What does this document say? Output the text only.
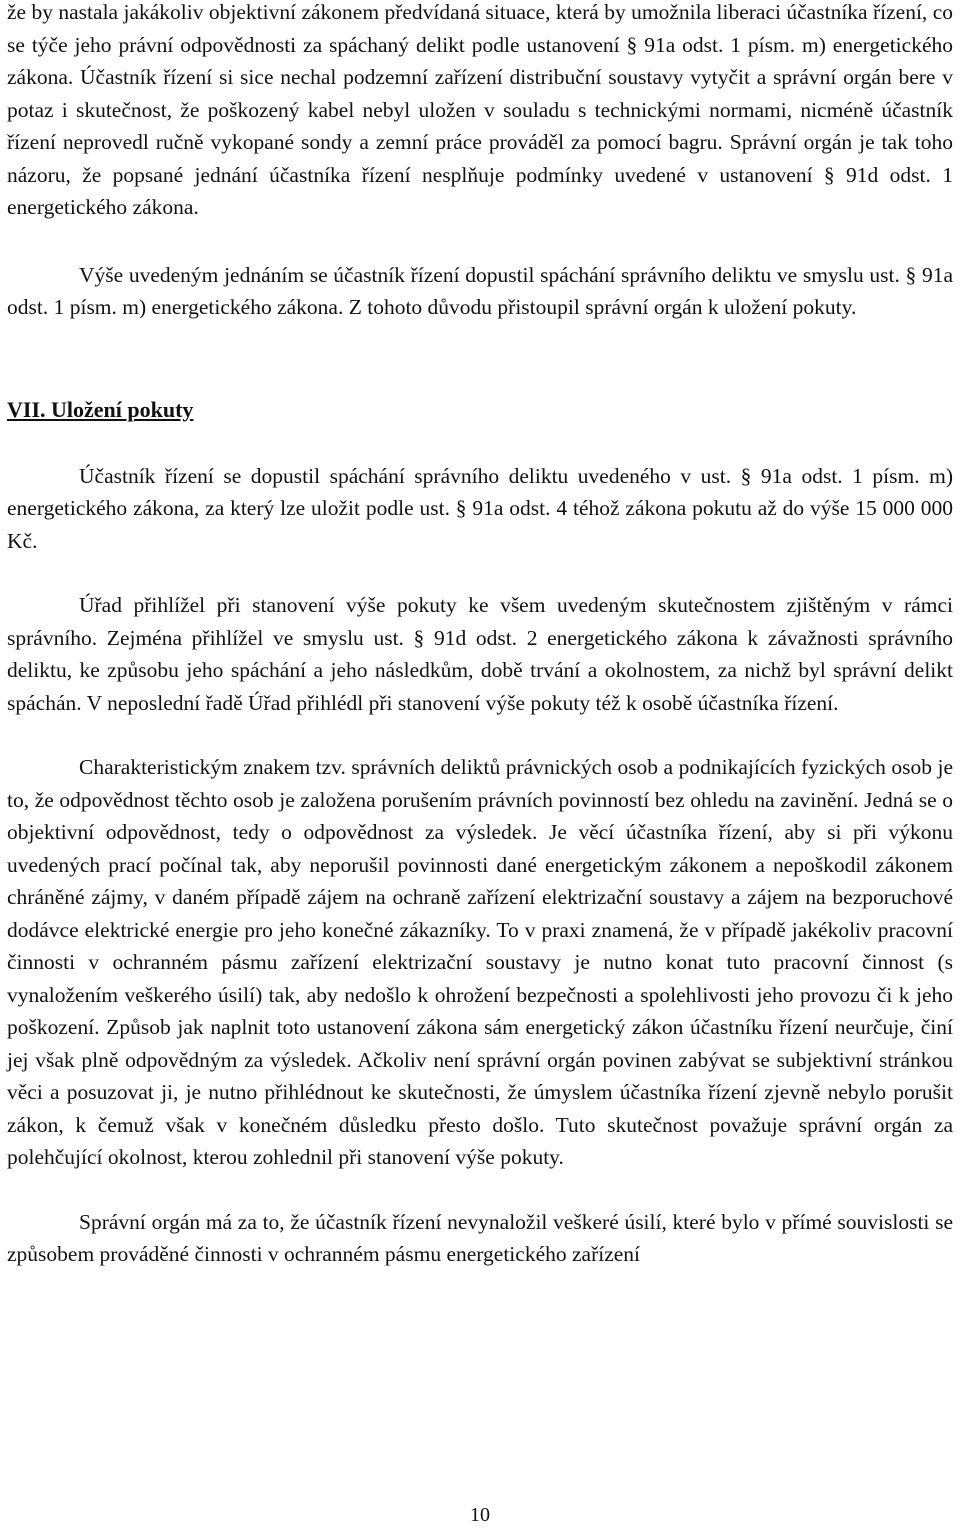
že by nastala jakákoliv objektivní zákonem předvídaná situace, která by umožnila liberaci účastníka řízení, co se týče jeho právní odpovědnosti za spáchaný delikt podle ustanovení § 91a odst. 1 písm. m) energetického zákona. Účastník řízení si sice nechal podzemní zařízení distribuční soustavy vytyčit a správní orgán bere v potaz i skutečnost, že poškozený kabel nebyl uložen v souladu s technickými normami, nicméně účastník řízení neprovedl ručně vykopané sondy a zemní práce prováděl za pomocí bagru. Správní orgán je tak toho názoru, že popsané jednání účastníka řízení nesplňuje podmínky uvedené v ustanovení § 91d odst. 1 energetického zákona.

Výše uvedeným jednáním se účastník řízení dopustil spáchání správního deliktu ve smyslu ust. § 91a odst. 1 písm. m) energetického zákona. Z tohoto důvodu přistoupil správní orgán k uložení pokuty.

VII. Uložení pokuty

Účastník řízení se dopustil spáchání správního deliktu uvedeného v ust. § 91a odst. 1 písm. m) energetického zákona, za který lze uložit podle ust. § 91a odst. 4 téhož zákona pokutu až do výše 15 000 000 Kč.

Úřad přihlížel při stanovení výše pokuty ke všem uvedeným skutečnostem zjištěným v rámci správního. Zejména přihlížel ve smyslu ust. § 91d odst. 2 energetického zákona k závažnosti správního deliktu, ke způsobu jeho spáchání a jeho následkům, době trvání a okolnostem, za nichž byl správní delikt spáchán. V neposlední řadě Úřad přihlédl při stanovení výše pokuty též k osobě účastníka řízení.

Charakteristickým znakem tzv. správních deliktů právnických osob a podnikajících fyzických osob je to, že odpovědnost těchto osob je založena porušením právních povinností bez ohledu na zavinění. Jedná se o objektivní odpovědnost, tedy o odpovědnost za výsledek. Je věcí účastníka řízení, aby si při výkonu uvedených prací počínal tak, aby neporušil povinnosti dané energetickým zákonem a nepoškodil zákonem chráněné zájmy, v daném případě zájem na ochraně zařízení elektrizační soustavy a zájem na bezporuchové dodávce elektrické energie pro jeho konečné zákazníky. To v praxi znamená, že v případě jakékoliv pracovní činnosti v ochranném pásmu zařízení elektrizační soustavy je nutno konat tuto pracovní činnost (s vynaložením veškerého úsilí) tak, aby nedošlo k ohrožení bezpečnosti a spolehlivosti jeho provozu či k jeho poškození. Způsob jak naplnit toto ustanovení zákona sám energetický zákon účastníku řízení neurčuje, činí jej však plně odpovědným za výsledek. Ačkoliv není správní orgán povinen zabývat se subjektivní stránkou věci a posuzovat ji, je nutno přihlédnout ke skutečnosti, že úmyslem účastníka řízení zjevně nebylo porušit zákon, k čemuž však v konečném důsledku přesto došlo. Tuto skutečnost považuje správní orgán za polehčující okolnost, kterou zohlednil při stanovení výše pokuty.

Správní orgán má za to, že účastník řízení nevynaložil veškeré úsilí, které bylo v přímé souvislosti se způsobem prováděné činnosti v ochranném pásmu energetického zařízení

10
